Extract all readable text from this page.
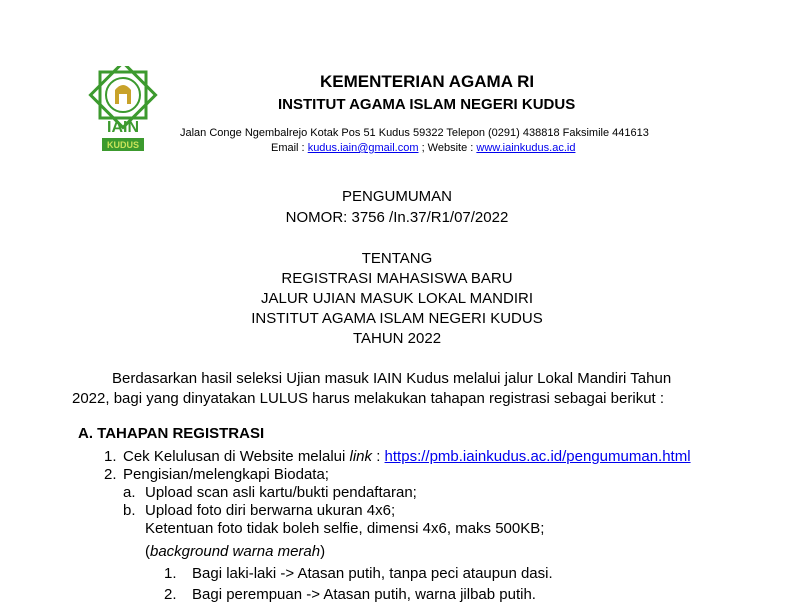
IAIN
KUDUS
KEMENTERIAN AGAMA RI
INSTITUT AGAMA ISLAM NEGERI KUDUS
Jalan Conge Ngembalrejo Kotak Pos 51 Kudus 59322 Telepon (0291) 438818 Faksimile 441613
Email : kudus.iain@gmail.com ; Website : www.iainkudus.ac.id
PENGUMUMAN
NOMOR: 3756 /In.37/R1/07/2022
TENTANG
REGISTRASI MAHASISWA BARU
JALUR UJIAN MASUK LOKAL MANDIRI
INSTITUT AGAMA ISLAM NEGERI KUDUS
TAHUN 2022
Berdasarkan hasil seleksi Ujian masuk IAIN Kudus melalui jalur Lokal Mandiri Tahun
2022, bagi yang dinyatakan LULUS harus melakukan tahapan registrasi sebagai berikut :
A. TAHAPAN REGISTRASI
1. Cek Kelulusan di Website melalui link : https://pmb.iainkudus.ac.id/pengumuman.html
2. Pengisian/melengkapi Biodata;
a. Upload scan asli kartu/bukti pendaftaran;
b. Upload foto diri berwarna ukuran 4x6;
Ketentuan foto tidak boleh selfie, dimensi 4x6, maks 500KB;
(background warna merah)
1. Bagi laki-laki -> Atasan putih, tanpa peci ataupun dasi.
2. Bagi perempuan -> Atasan putih, warna jilbab putih.
